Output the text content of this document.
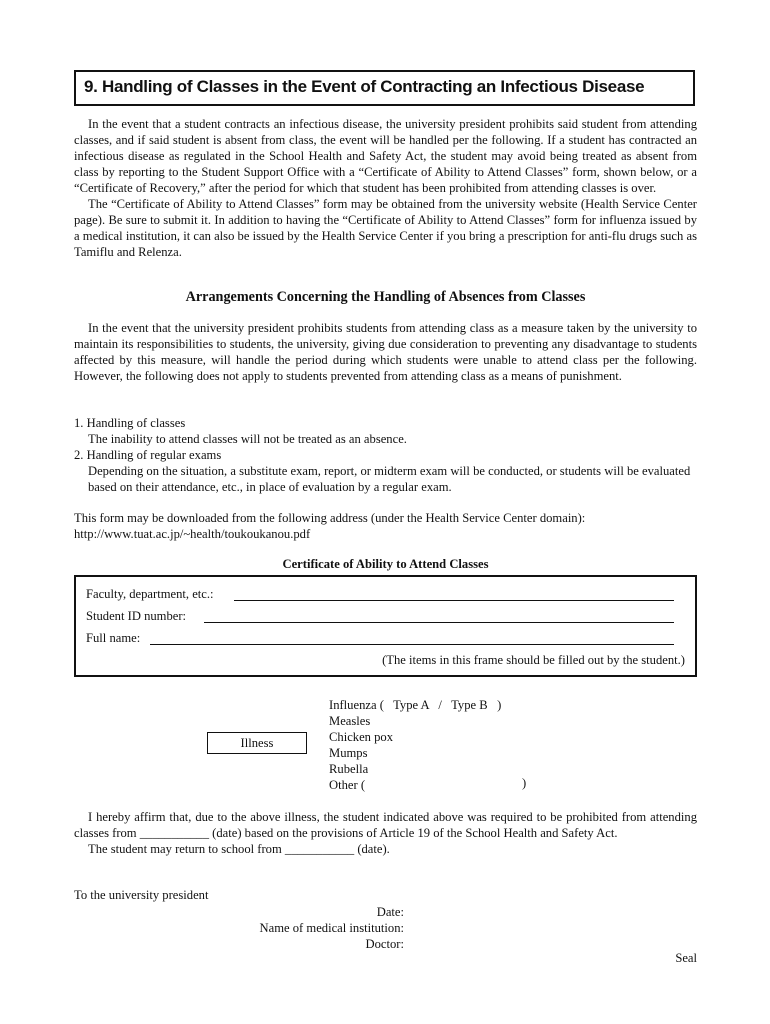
9. Handling of Classes in the Event of Contracting an Infectious Disease

In the event that a student contracts an infectious disease, the university president prohibits said student from attending classes, and if said student is absent from class, the event will be handled per the following. If a student has contracted an infectious disease as regulated in the School Health and Safety Act, the student may avoid being treated as absent from class by reporting to the Student Support Office with a “Certificate of Ability to Attend Classes” form, shown below, or a “Certificate of Recovery,” after the period for which that student has been prohibited from attending classes is over.

The “Certificate of Ability to Attend Classes” form may be obtained from the university website (Health Service Center page). Be sure to submit it. In addition to having the “Certificate of Ability to Attend Classes” form for influenza issued by a medical institution, it can also be issued by the Health Service Center if you bring a prescription for anti-flu drugs such as Tamiflu and Relenza.

Arrangements Concerning the Handling of Absences from Classes

In the event that the university president prohibits students from attending class as a measure taken by the university to maintain its responsibilities to students, the university, giving due consideration to preventing any disadvantage to students affected by this measure, will handle the period during which students were unable to attend class per the following. However, the following does not apply to students prevented from attending class as a means of punishment.

1. Handling of classes
The inability to attend classes will not be treated as an absence.
2. Handling of regular exams
Depending on the situation, a substitute exam, report, or midterm exam will be conducted, or students will be evaluated based on their attendance, etc., in place of evaluation by a regular exam.
This form may be downloaded from the following address (under the Health Service Center domain):
http://www.tuat.ac.jp/~health/toukoukanou.pdf
Certificate of Ability to Attend Classes
Faculty, department, etc.:
Student ID number:
Full name:
(The items in this frame should be filled out by the student.)
Illness
Influenza (   Type A   /   Type B   )
Measles
Chicken pox
Mumps
Rubella
Other (	)

I hereby affirm that, due to the above illness, the student indicated above was required to be prohibited from attending classes from ___________ (date) based on the provisions of Article 19 of the School Health and Safety Act.

The student may return to school from ___________ (date).

To the university president
Date:
Name of medical institution:
Doctor:
Seal
